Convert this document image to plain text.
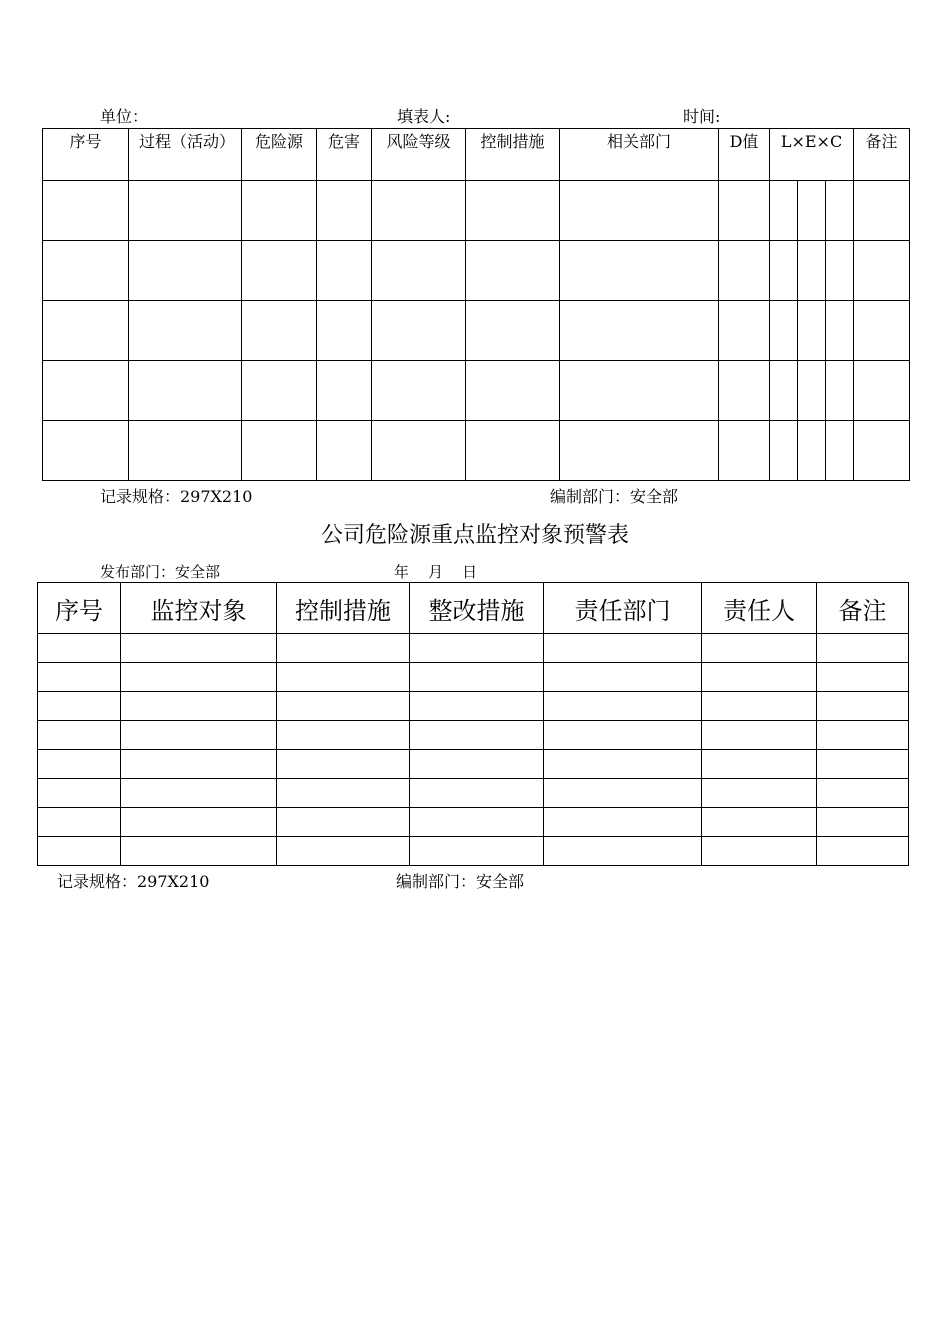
单位：	填表人:	时间:
序号	过程（活动）	危险源	危害	风险等级	控制措施	相关部门	D值	L×E×C			备注

记录规格：297X210	编制部门：安全部
公司危险源重点监控对象预警表
发布部门：安全部	年    月    日
序号	监控对象	控制措施	整改措施	责任部门	责任人	备注

记录规格：297X210	编制部门：安全部
